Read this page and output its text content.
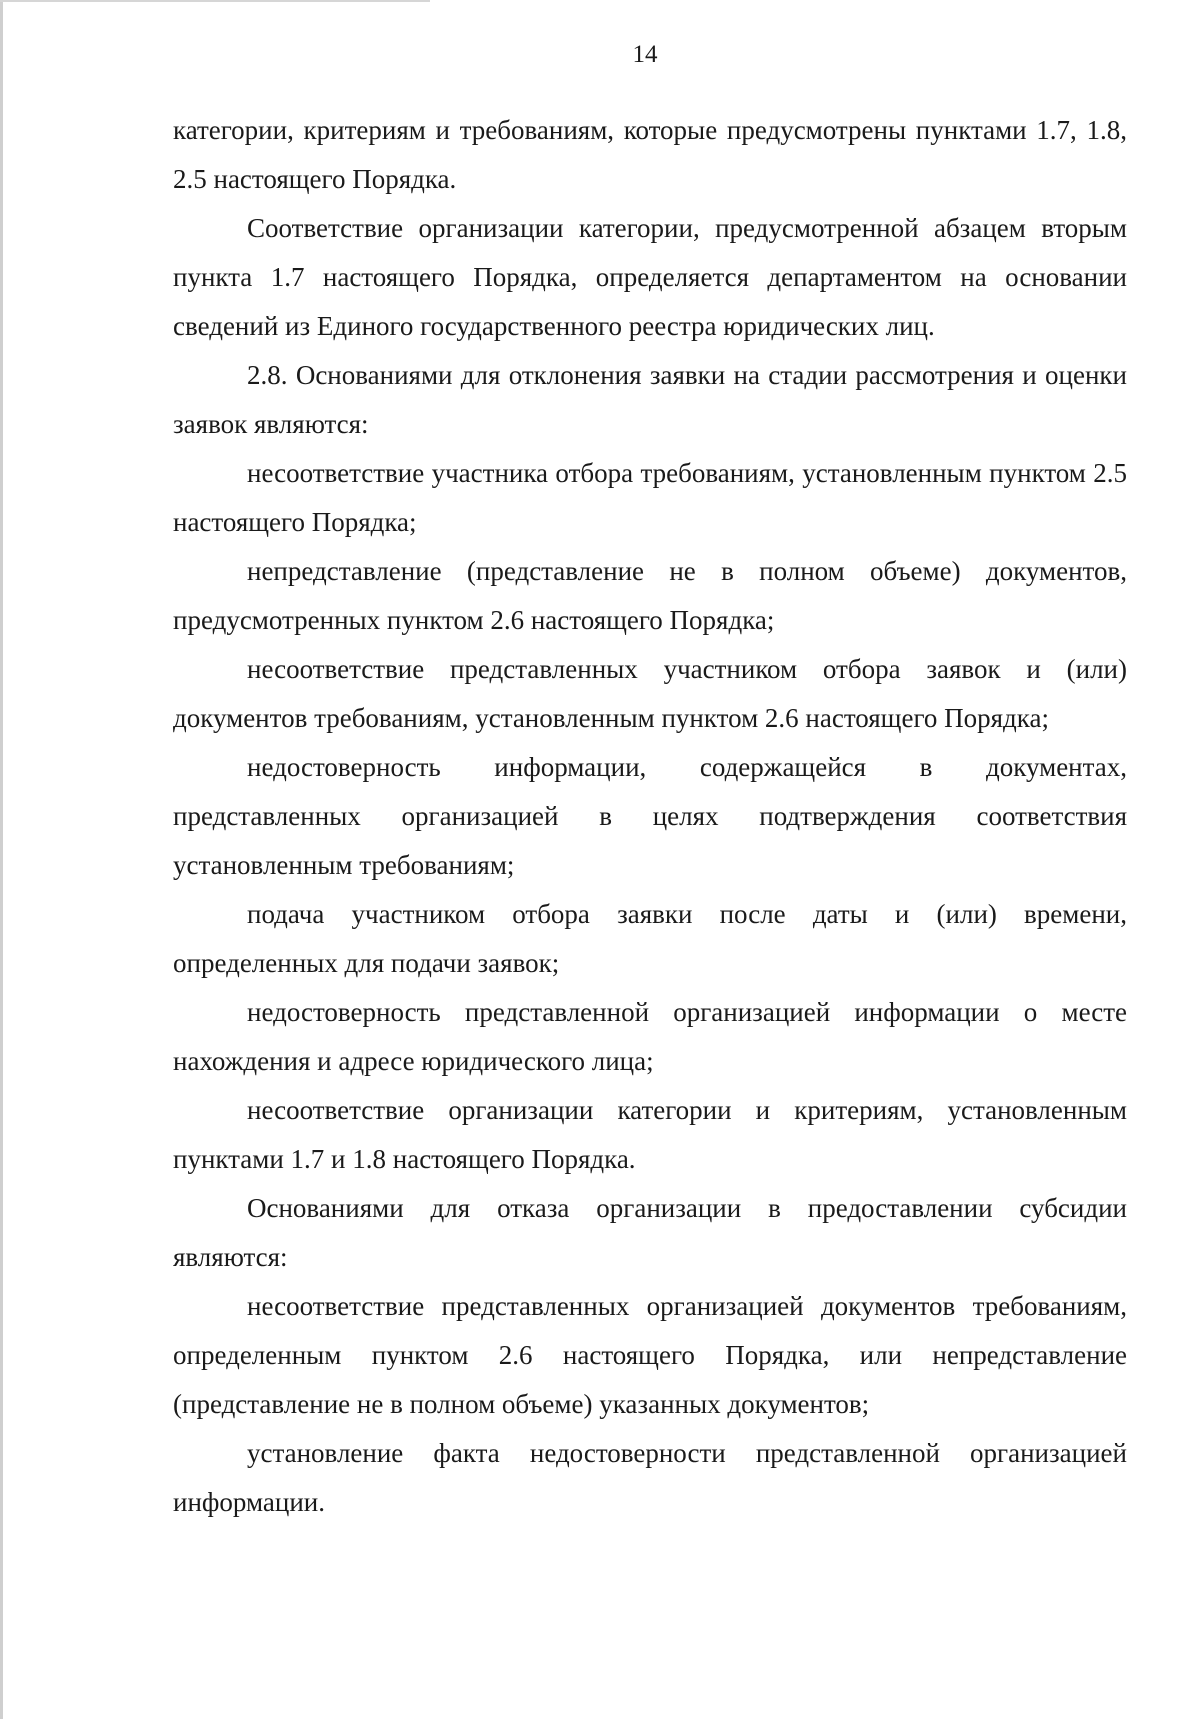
14

категории, критериям и требованиям, которые предусмотрены пунктами 1.7, 1.8, 2.5 настоящего Порядка.

Соответствие организации категории, предусмотренной абзацем вторым пункта 1.7 настоящего Порядка, определяется департаментом на основании сведений из Единого государственного реестра юридических лиц.

2.8. Основаниями для отклонения заявки на стадии рассмотрения и оценки заявок являются:

несоответствие участника отбора требованиям, установленным пунктом 2.5 настоящего Порядка;

непредставление (представление не в полном объеме) документов, предусмотренных пунктом 2.6 настоящего Порядка;

несоответствие представленных участником отбора заявок и (или) документов требованиям, установленным пунктом 2.6 настоящего Порядка;

недостоверность информации, содержащейся в документах, представленных организацией в целях подтверждения соответствия установленным требованиям;

подача участником отбора заявки после даты и (или) времени, определенных для подачи заявок;

недостоверность представленной организацией информации о месте нахождения и адресе юридического лица;

несоответствие организации категории и критериям, установленным пунктами 1.7 и 1.8 настоящего Порядка.

Основаниями для отказа организации в предоставлении субсидии являются:

несоответствие представленных организацией документов требованиям, определенным пунктом 2.6 настоящего Порядка, или непредставление (представление не в полном объеме) указанных документов;

установление факта недостоверности представленной организацией информации.
